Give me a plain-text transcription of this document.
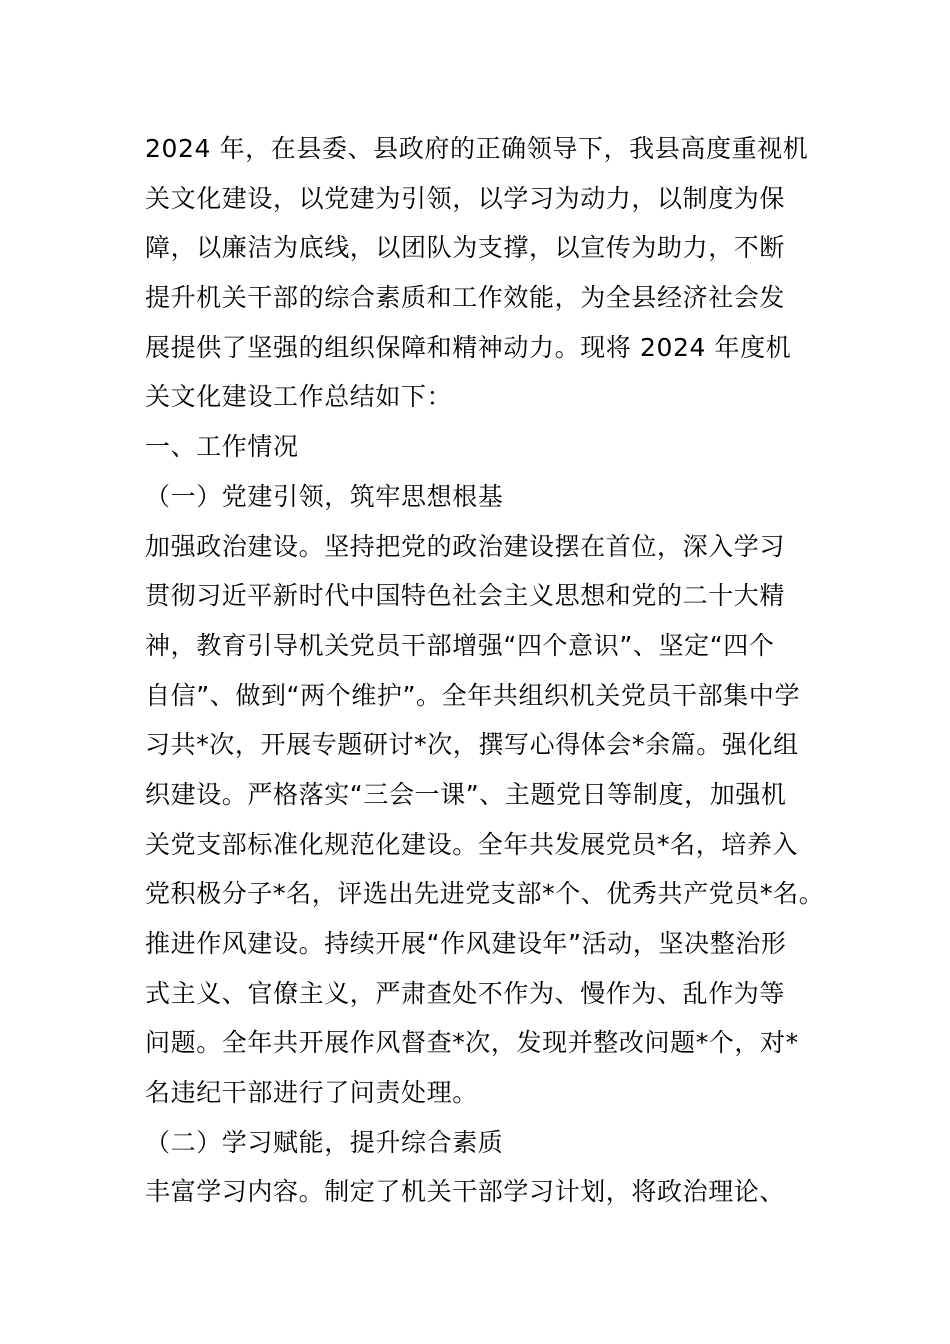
2024 年，在县委、县政府的正确领导下，我县高度重视机
关文化建设，以党建为引领，以学习为动力，以制度为保
障，以廉洁为底线，以团队为支撑，以宣传为助力，不断
提升机关干部的综合素质和工作效能，为全县经济社会发
展提供了坚强的组织保障和精神动力。现将 2024 年度机
关文化建设工作总结如下：
一、工作情况
（一）党建引领，筑牢思想根基
加强政治建设。坚持把党的政治建设摆在首位，深入学习
贯彻习近平新时代中国特色社会主义思想和党的二十大精
神，教育引导机关党员干部增强“四个意识”、坚定“四个
自信”、做到“两个维护”。全年共组织机关党员干部集中学
习共*次，开展专题研讨*次，撰写心得体会*余篇。强化组
织建设。严格落实“三会一课”、主题党日等制度，加强机
关党支部标准化规范化建设。全年共发展党员*名，培养入
党积极分子*名，评选出先进党支部*个、优秀共产党员*名。
推进作风建设。持续开展“作风建设年”活动，坚决整治形
式主义、官僚主义，严肃查处不作为、慢作为、乱作为等
问题。全年共开展作风督查*次，发现并整改问题*个，对*
名违纪干部进行了问责处理。
（二）学习赋能，提升综合素质
丰富学习内容。制定了机关干部学习计划，将政治理论、
